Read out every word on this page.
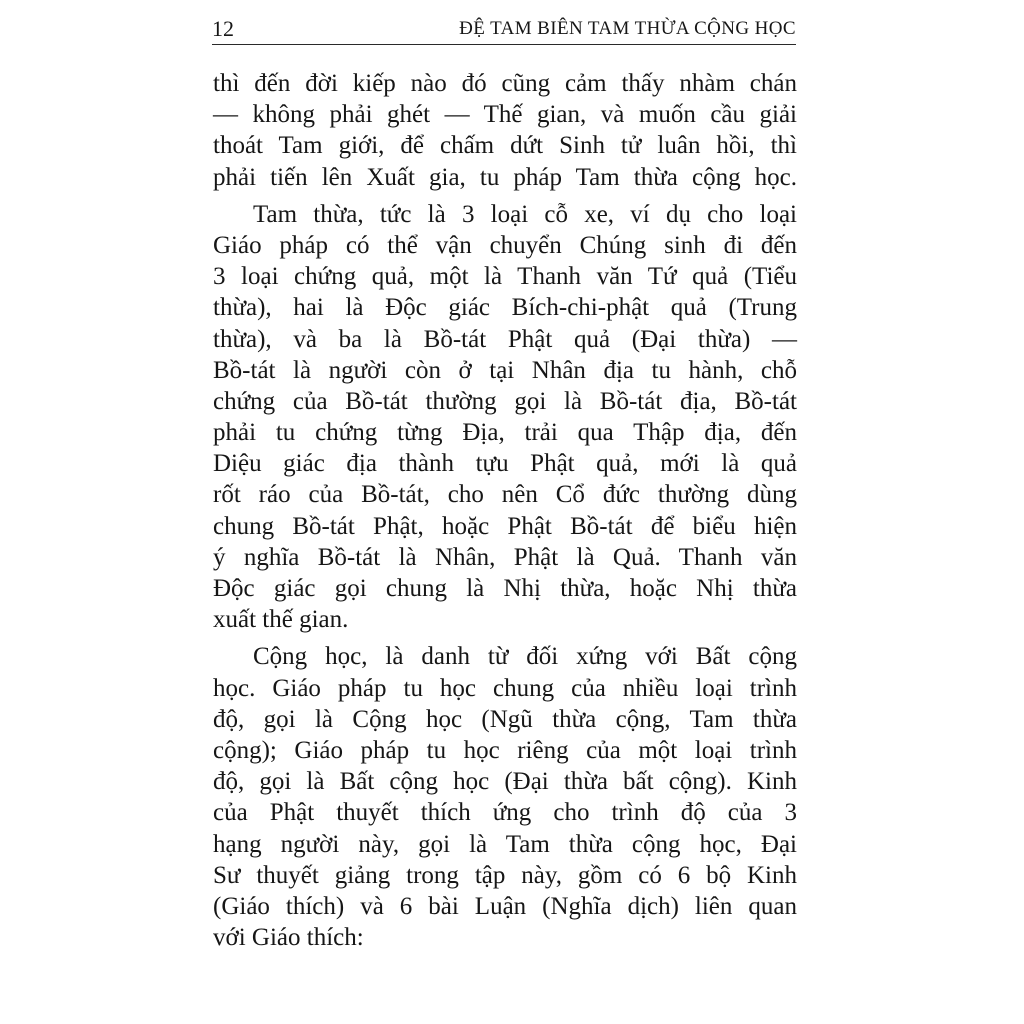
12	ĐỆ TAM BIÊN TAM THỪA CỘNG HỌC
thì đến đời kiếp nào đó cũng cảm thấy nhàm chán
— không phải ghét — Thế gian, và muốn cầu giải
thoát Tam giới, để chấm dứt Sinh tử luân hồi, thì
phải tiến lên Xuất gia, tu pháp Tam thừa cộng học.
Tam thừa, tức là 3 loại cỗ xe, ví dụ cho loại
Giáo pháp có thể vận chuyển Chúng sinh đi đến
3 loại chứng quả, một là Thanh văn Tứ quả (Tiểu
thừa), hai là Độc giác Bích-chi-phật quả (Trung
thừa), và ba là Bồ-tát Phật quả (Đại thừa) —
Bồ-tát là người còn ở tại Nhân địa tu hành, chỗ
chứng của Bồ-tát thường gọi là Bồ-tát địa, Bồ-tát
phải tu chứng từng Địa, trải qua Thập địa, đến
Diệu giác địa thành tựu Phật quả, mới là quả
rốt ráo của Bồ-tát, cho nên Cổ đức thường dùng
chung Bồ-tát Phật, hoặc Phật Bồ-tát để biểu hiện
ý nghĩa Bồ-tát là Nhân, Phật là Quả. Thanh văn
Độc giác gọi chung là Nhị thừa, hoặc Nhị thừa
xuất thế gian.
Cộng học, là danh từ đối xứng với Bất cộng
học. Giáo pháp tu học chung của nhiều loại trình
độ, gọi là Cộng học (Ngũ thừa cộng, Tam thừa
cộng); Giáo pháp tu học riêng của một loại trình
độ, gọi là Bất cộng học (Đại thừa bất cộng). Kinh
của Phật thuyết thích ứng cho trình độ của 3
hạng người này, gọi là Tam thừa cộng học, Đại
Sư thuyết giảng trong tập này, gồm có 6 bộ Kinh
(Giáo thích) và 6 bài Luận (Nghĩa dịch) liên quan
với Giáo thích:
